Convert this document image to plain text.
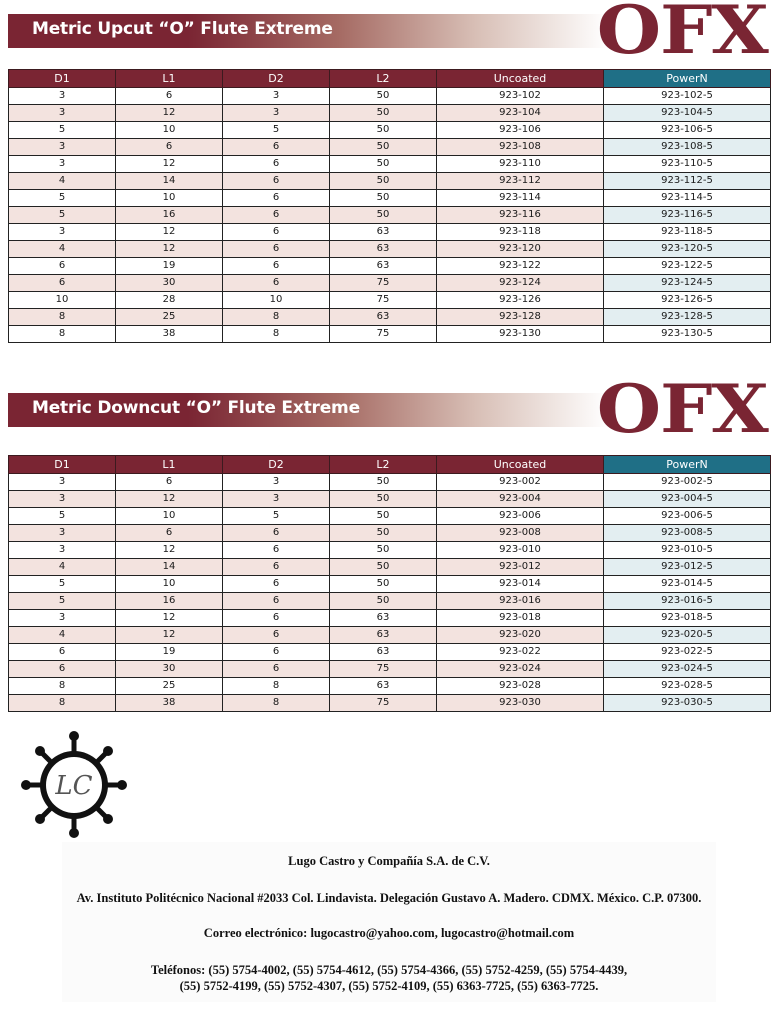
Metric Upcut “O” Flute Extreme	OFX
D1	L1	D2	L2	Uncoated	PowerN
3	6	3	50	923-102	923-102-5
3	12	3	50	923-104	923-104-5
5	10	5	50	923-106	923-106-5
3	6	6	50	923-108	923-108-5
3	12	6	50	923-110	923-110-5
4	14	6	50	923-112	923-112-5
5	10	6	50	923-114	923-114-5
5	16	6	50	923-116	923-116-5
3	12	6	63	923-118	923-118-5
4	12	6	63	923-120	923-120-5
6	19	6	63	923-122	923-122-5
6	30	6	75	923-124	923-124-5
10	28	10	75	923-126	923-126-5
8	25	8	63	923-128	923-128-5
8	38	8	75	923-130	923-130-5
Metric Downcut “O” Flute Extreme	OFX
D1	L1	D2	L2	Uncoated	PowerN
3	6	3	50	923-002	923-002-5
3	12	3	50	923-004	923-004-5
5	10	5	50	923-006	923-006-5
3	6	6	50	923-008	923-008-5
3	12	6	50	923-010	923-010-5
4	14	6	50	923-012	923-012-5
5	10	6	50	923-014	923-014-5
5	16	6	50	923-016	923-016-5
3	12	6	63	923-018	923-018-5
4	12	6	63	923-020	923-020-5
6	19	6	63	923-022	923-022-5
6	30	6	75	923-024	923-024-5
8	25	8	63	923-028	923-028-5
8	38	8	75	923-030	923-030-5
LC

Lugo Castro y Compañía S.A. de C.V.

Av. Instituto Politécnico Nacional #2033 Col. Lindavista. Delegación Gustavo A. Madero. CDMX. México. C.P. 07300.

Correo electrónico: lugocastro@yahoo.com, lugocastro@hotmail.com

Teléfonos: (55) 5754-4002, (55) 5754-4612, (55) 5754-4366, (55) 5752-4259, (55) 5754-4439,

(55) 5752-4199, (55) 5752-4307, (55) 5752-4109, (55) 6363-7725, (55) 6363-7725.
